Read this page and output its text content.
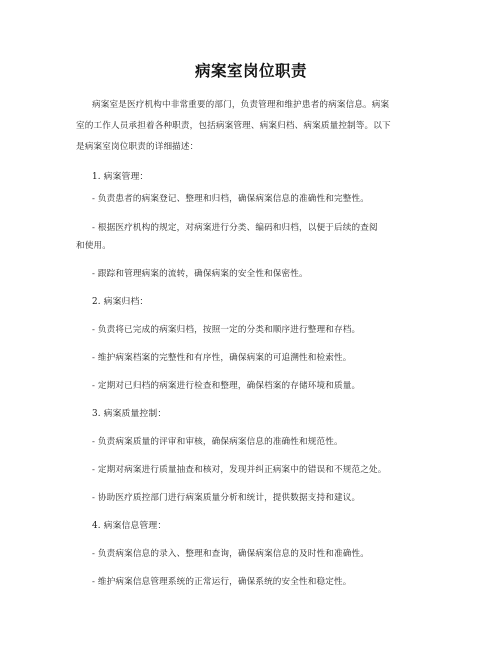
病案室岗位职责
病案室是医疗机构中非常重要的部门，负责管理和维护患者的病案信息。病案
室的工作人员承担着各种职责，包括病案管理、病案归档、病案质量控制等。以下
是病案室岗位职责的详细描述：
1. 病案管理：
- 负责患者的病案登记、整理和归档，确保病案信息的准确性和完整性。
- 根据医疗机构的规定，对病案进行分类、编码和归档，以便于后续的查阅
和使用。
- 跟踪和管理病案的流转，确保病案的安全性和保密性。
2. 病案归档：
- 负责将已完成的病案归档，按照一定的分类和顺序进行整理和存档。
- 维护病案档案的完整性和有序性，确保病案的可追溯性和检索性。
- 定期对已归档的病案进行检查和整理，确保档案的存储环境和质量。
3. 病案质量控制：
- 负责病案质量的评审和审核，确保病案信息的准确性和规范性。
- 定期对病案进行质量抽查和核对，发现并纠正病案中的错误和不规范之处。
- 协助医疗质控部门进行病案质量分析和统计，提供数据支持和建议。
4. 病案信息管理：
- 负责病案信息的录入、整理和查询，确保病案信息的及时性和准确性。
- 维护病案信息管理系统的正常运行，确保系统的安全性和稳定性。
